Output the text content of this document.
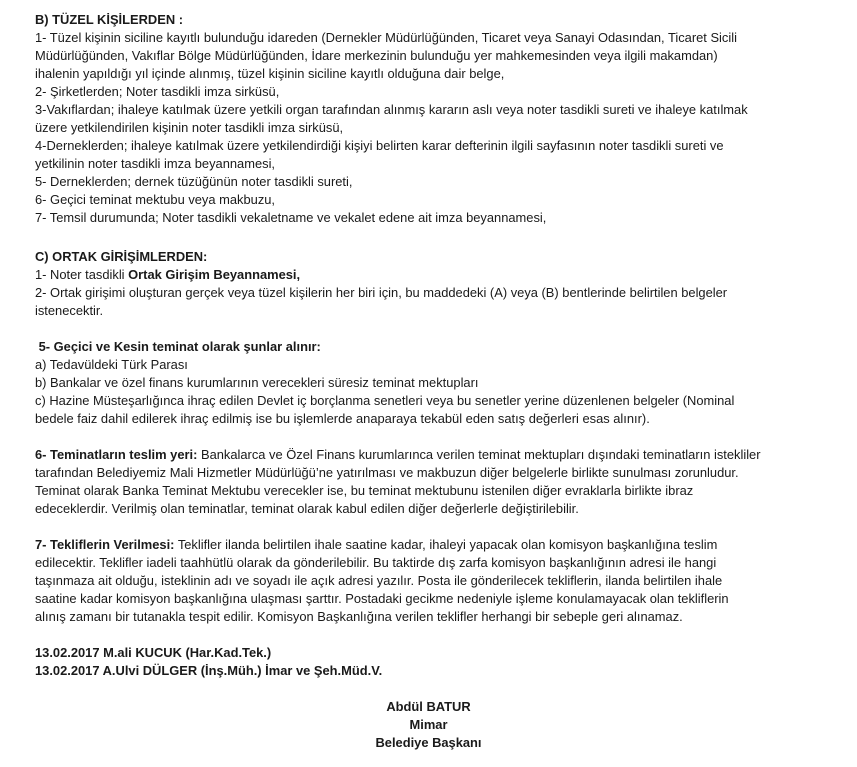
B) TÜZEL KİŞİLERDEN :

1- Tüzel kişinin siciline kayıtlı bulunduğu idareden (Dernekler Müdürlüğünden, Ticaret veya Sanayi Odasından, Ticaret Sicili

Müdürlüğünden, Vakıflar Bölge Müdürlüğünden, İdare merkezinin bulunduğu yer mahkemesinden veya ilgili makamdan)

ihalenin yapıldığı yıl içinde alınmış, tüzel kişinin siciline kayıtlı olduğuna dair belge,

2- Şirketlerden; Noter tasdikli imza sirküsü,

3-Vakıflardan; ihaleye katılmak üzere yetkili organ tarafından alınmış kararın aslı veya noter tasdikli sureti ve ihaleye katılmak

üzere yetkilendirilen kişinin noter tasdikli imza sirküsü,

4-Derneklerden; ihaleye katılmak üzere yetkilendirdiği kişiyi belirten karar defterinin ilgili sayfasının noter tasdikli sureti ve

yetkilinin noter tasdikli imza beyannamesi,

5- Derneklerden; dernek tüzüğünün noter tasdikli sureti,

6- Geçici teminat mektubu veya makbuzu,

7- Temsil durumunda; Noter tasdikli vekaletname ve vekalet edene ait imza beyannamesi,

C) ORTAK GİRİŞİMLERDEN:

1- Noter tasdikli Ortak Girişim Beyannamesi,

2- Ortak girişimi oluşturan gerçek veya tüzel kişilerin her biri için, bu maddedeki (A) veya (B) bentlerinde belirtilen belgeler

istenecektir.

5- Geçici ve Kesin teminat olarak şunlar alınır:

a) Tedavüldeki Türk Parası

b) Bankalar ve özel finans kurumlarının verecekleri süresiz teminat mektupları

c) Hazine Müsteşarlığınca ihraç edilen Devlet iç borçlanma senetleri veya bu senetler yerine düzenlenen belgeler (Nominal

bedele faiz dahil edilerek ihraç edilmiş ise bu işlemlerde anaparaya tekabül eden satış değerleri esas alınır).

6- Teminatların teslim yeri: Bankalarca ve Özel Finans kurumlarınca verilen teminat mektupları dışındaki teminatların istekliler

tarafından Belediyemiz Mali Hizmetler Müdürlüğü’ne yatırılması ve makbuzun diğer belgelerle birlikte sunulması zorunludur.

Teminat olarak Banka Teminat Mektubu verecekler ise, bu teminat mektubunu istenilen diğer evraklarla birlikte ibraz

edeceklerdir. Verilmiş olan teminatlar, teminat olarak kabul edilen diğer değerlerle değiştirilebilir.

7- Tekliflerin Verilmesi: Teklifler ilanda belirtilen ihale saatine kadar, ihaleyi yapacak olan komisyon başkanlığına teslim

edilecektir. Teklifler iadeli taahhütlü olarak da gönderilebilir. Bu taktirde dış zarfa komisyon başkanlığının adresi ile hangi

taşınmaza ait olduğu, isteklinin adı ve soyadı ile açık adresi yazılır. Posta ile gönderilecek tekliflerin, ilanda belirtilen ihale

saatine kadar komisyon başkanlığına ulaşması şarttır. Postadaki gecikme nedeniyle işleme konulamayacak olan tekliflerin

alınış zamanı bir tutanakla tespit edilir. Komisyon Başkanlığına verilen teklifler herhangi bir sebeple geri alınamaz.

13.02.2017 M.ali KUCUK (Har.Kad.Tek.)

13.02.2017 A.Ulvi DÜLGER (İnş.Müh.) İmar ve Şeh.Müd.V.

Abdül BATUR

Mimar

Belediye Başkanı
